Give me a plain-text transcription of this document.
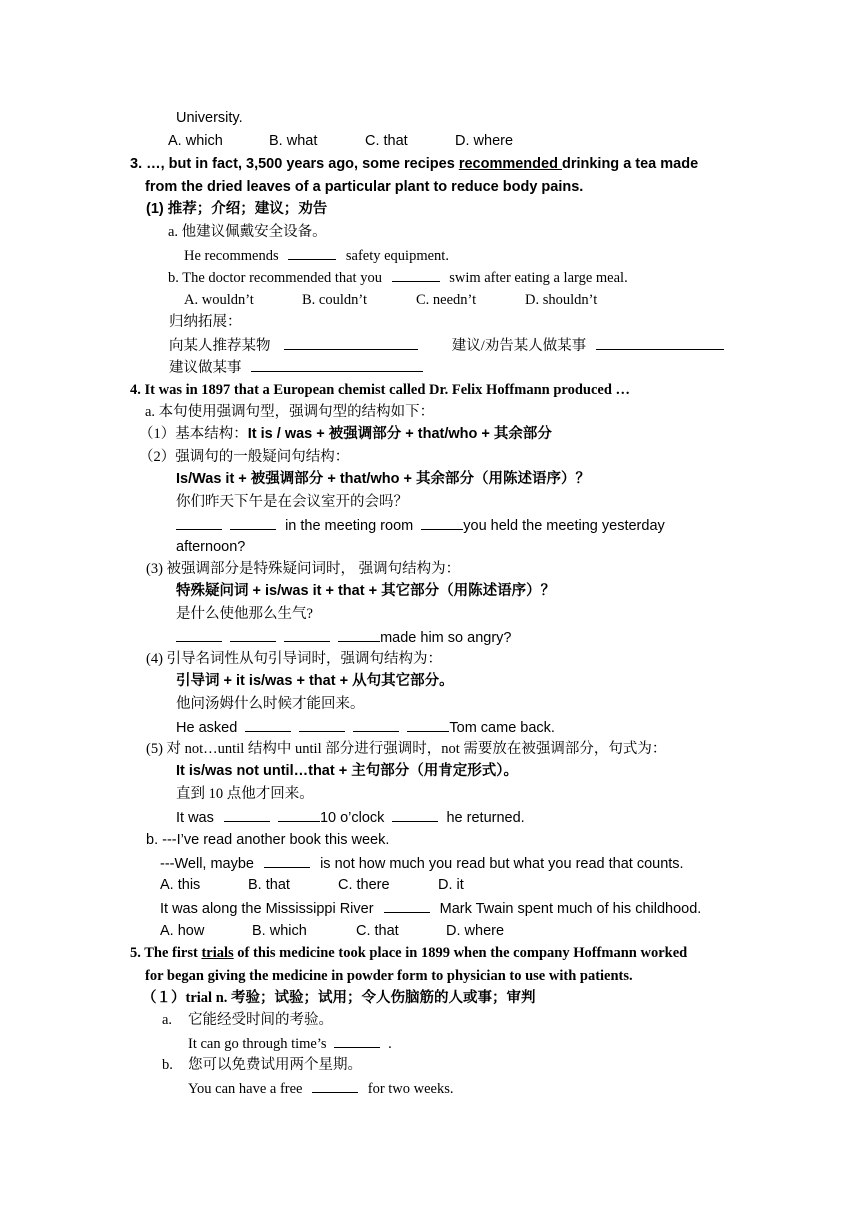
University.
A. which	B. what	C. that	D. where
3. …, but in fact, 3,500 years ago, some recipes recommended drinking a tea made
from the dried leaves of a particular plant to reduce body pains.
(1) 推荐；介绍；建议；劝告
a. 他建议佩戴安全设备。
He recommends	safety equipment.
b. The doctor recommended that you	swim after eating a large meal.
A. wouldn’t	B. couldn’t	C. needn’t	D. shouldn’t
归纳拓展：
向某人推荐某物	建议/劝告某人做某事
建议做某事
4. It was in 1897 that a European chemist called Dr. Felix Hoffmann produced …
a. 本句使用强调句型，强调句型的结构如下：
（1）基本结构：It is / was + 被强调部分 + that/who + 其余部分
（2）强调句的一般疑问句结构：
Is/Was it + 被强调部分 + that/who + 其余部分（用陈述语序）？
你们昨天下午是在会议室开的会吗？
in the meeting room	you held the meeting yesterday
afternoon?
(3) 被强调部分是特殊疑问词时， 强调句结构为：
特殊疑问词 + is/was it + that + 其它部分（用陈述语序）？
是什么使他那么生气?
made him so angry?
(4) 引导名词性从句引导词时，强调句结构为：
引导词 + it is/was + that + 从句其它部分。
他问汤姆什么时候才能回来。
He asked	Tom came back.
(5) 对 not…until 结构中 until 部分进行强调时，not 需要放在被强调部分，句式为：
It is/was not until…that + 主句部分（用肯定形式）。
直到 10 点他才回来。
It was	10 o’clock	he returned.
b. ---I’ve read another book this week.
---Well, maybe	is not how much you read but what you read that counts.
A. this	B. that	C. there	D. it
It was along the Mississippi River	Mark Twain spent much of his childhood.
A. how	B. which	C. that	D. where
5. The first trials of this medicine took place in 1899 when the company Hoffmann worked
for began giving the medicine in powder form to physician to use with patients.
（１）trial n. 考验；试验；试用；令人伤脑筋的人或事；审判
a. 它能经受时间的考验。
It can go through time’s	.
b. 您可以免费试用两个星期。
You can have a free	for two weeks.
